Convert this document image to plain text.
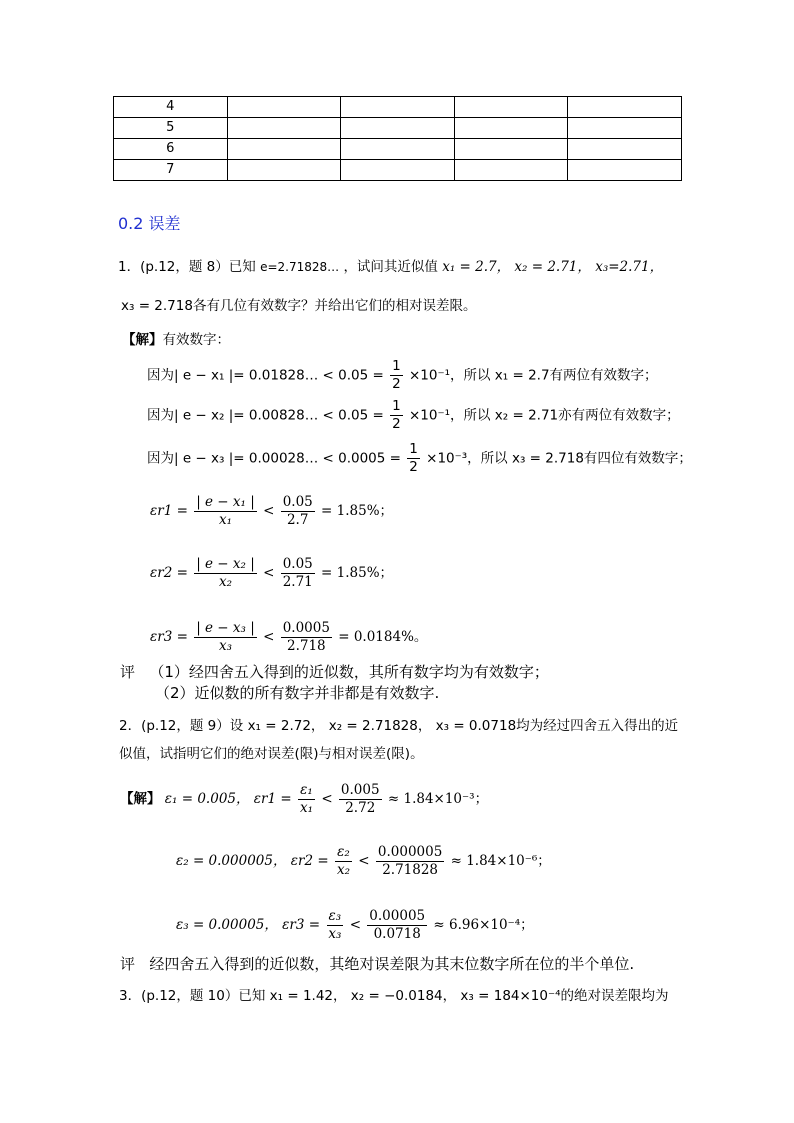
4				
5				
6				
7				
0.2 误差
1．(p.12，题 8）已知 e=2.71828… ，试问其近似值 x₁ = 2.7， x₂ = 2.71， x₃=2.71，
x₃ = 2.718各有几位有效数字？并给出它们的相对误差限。
【解】有效数字：
因为| e − x₁ |= 0.01828… < $0.05 = \frac{1}{2} \times 10^{-1}$，所以 x₁ = 2.7有两位有效数字；
因为| e − x₂ |= 0.00828… < $0.05 = \frac{1}{2} \times 10^{-1}$，所以 x₂ = 2.71亦有两位有效数字；
因为| e − x₃ |= 0.00028… < $0.0005 = \frac{1}{2} \times 10^{-3}$，所以 x₃ = 2.718有四位有效数字；
$\varepsilon r1 = \frac{\text{| e − x₁ |}}{\text{x₁}} < \frac{0.05}{2.7} = 1.85\%$；
$\varepsilon r2 = \frac{\text{| e − x₂ |}}{\text{x₂}} < \frac{0.05}{2.71} = 1.85\%$；
$\varepsilon r3 = \frac{\text{| e − x₃ |}}{\text{x₃}} < \frac{0.0005}{2.718} = 0.0184\%$。
评 （1）经四舍五入得到的近似数，其所有数字均为有效数字；
（2）近似数的所有数字并非都是有效数字.
2．(p.12，题 9）设 x₁ = 2.72， x₂ = 2.71828， x₃ = 0.0718均为经过四舍五入得出的近
似值，试指明它们的绝对误差(限)与相对误差(限)。
【解】 ε₁ = 0.005， $\varepsilon r1 = \frac{\text{ε₁}}{\text{x₁}} < \frac{0.005}{2.72} \approx 1.84\times 10^{-3}$；
ε₂ = 0.000005， $\varepsilon r2 = \frac{\text{ε₂}}{\text{x₂}} < \frac{0.000005}{2.71828} \approx 1.84\times 10^{-6}$；
ε₃ = 0.00005， $\varepsilon r3 = \frac{\text{ε₃}}{\text{x₃}} < \frac{0.00005}{0.0718} \approx 6.96\times 10^{-4}$；
评 经四舍五入得到的近似数，其绝对误差限为其末位数字所在位的半个单位.
3．(p.12，题 10）已知 x₁ = 1.42， x₂ = −0.0184， x₃ = 184×10⁻⁴的绝对误差限均为
